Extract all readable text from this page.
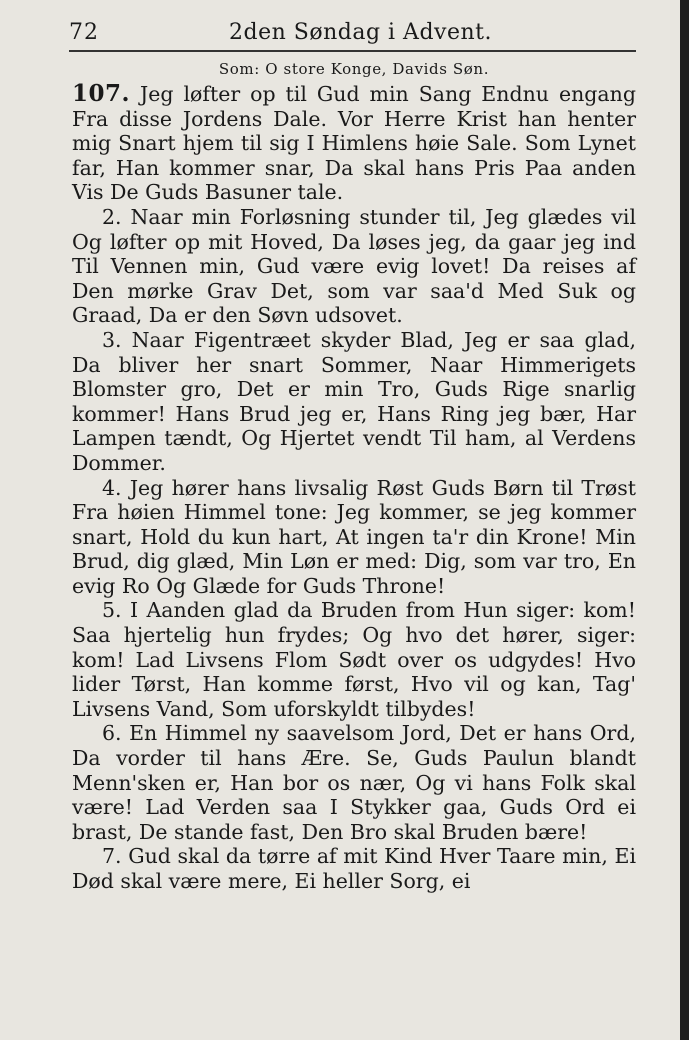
72	2den Søndag i Advent.
Som: O store Konge, Davids Søn.

107. Jeg løfter op til Gud min Sang Endnu engang Fra disse Jordens Dale. Vor Herre Krist han henter mig Snart hjem til sig I Himlens høie Sale. Som Lynet far, Han kommer snar, Da skal hans Pris Paa anden Vis De Guds Basuner tale.

2. Naar min Forløsning stunder til, Jeg glædes vil Og løfter op mit Hoved, Da løses jeg, da gaar jeg ind Til Vennen min, Gud være evig lovet! Da reises af Den mørke Grav Det, som var saa'd Med Suk og Graad, Da er den Søvn udsovet.

3. Naar Figentræet skyder Blad, Jeg er saa glad, Da bliver her snart Sommer, Naar Himmerigets Blomster gro, Det er min Tro, Guds Rige snarlig kommer! Hans Brud jeg er, Hans Ring jeg bær, Har Lampen tændt, Og Hjertet vendt Til ham, al Verdens Dommer.

4. Jeg hører hans livsalig Røst Guds Børn til Trøst Fra høien Himmel tone: Jeg kommer, se jeg kommer snart, Hold du kun hart, At ingen ta'r din Krone! Min Brud, dig glæd, Min Løn er med: Dig, som var tro, En evig Ro Og Glæde for Guds Throne!

5. I Aanden glad da Bruden from Hun siger: kom! Saa hjertelig hun frydes; Og hvo det hører, siger: kom! Lad Livsens Flom Sødt over os udgydes! Hvo lider Tørst, Han komme først, Hvo vil og kan, Tag' Livsens Vand, Som uforskyldt tilbydes!

6. En Himmel ny saavelsom Jord, Det er hans Ord, Da vorder til hans Ære. Se, Guds Paulun blandt Menn'sken er, Han bor os nær, Og vi hans Folk skal være! Lad Verden saa I Stykker gaa, Guds Ord ei brast, De stande fast, Den Bro skal Bruden bære!

7. Gud skal da tørre af mit Kind Hver Taare min, Ei Død skal være mere, Ei heller Sorg, ei
